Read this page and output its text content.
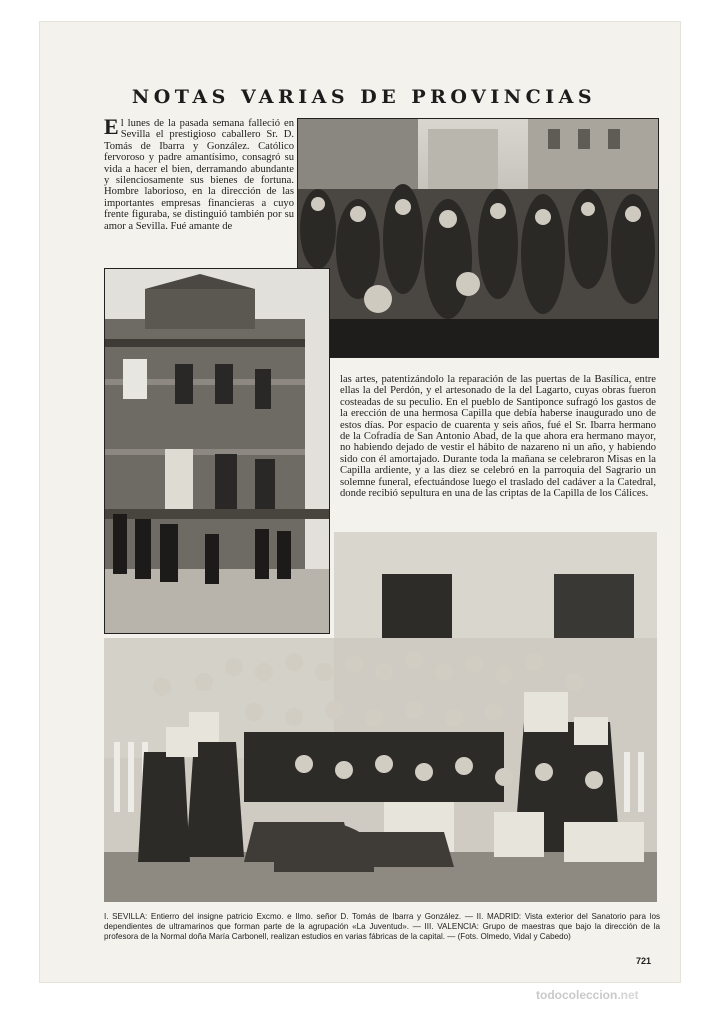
NOTAS VARIAS DE PROVINCIAS
El lunes de la pasada semana falleció en Sevilla el prestigioso caballero Sr. D. Tomás de Ibarra y González. Católico fervoroso y padre amantísimo, consagró su vida a hacer el bien, derramando abundante y silenciosamente sus bienes de fortuna. Hombre laborioso, en la dirección de las importantes empresas financieras a cuyo frente figuraba, se distinguió también por su amor a Sevilla. Fué amante de
las artes, patentizándolo la reparación de las puertas de la Basílica, entre ellas la del Perdón, y el artesonado de la del Lagarto, cuyas obras fueron costeadas de su peculio. En el pueblo de Santiponce sufragó los gastos de la erección de una hermosa Capilla que debía haberse inaugurado uno de estos días. Por espacio de cuarenta y seis años, fué el Sr. Ibarra hermano de la Cofradía de San Antonio Abad, de la que ahora era hermano mayor, no habiendo dejado de vestir el hábito de nazareno ni un año, y habiendo sido con él amortajado. Durante toda la mañana se celebraron Misas en la Capilla ardiente, y a las diez se celebró en la parroquia del Sagrario un solemne funeral, efectuándose luego el traslado del cadáver a la Catedral, donde recibió sepultura en una de las criptas de la Capilla de los Cálices.
I. SEVILLA: Entierro del insigne patricio Excmo. e Ilmo. señor D. Tomás de Ibarra y González. — II. MADRID: Vista exterior del Sanatorio para los dependientes de ultramarinos que forman parte de la agrupación «La Juventud». — III. VALENCIA: Grupo de maestras que bajo la dirección de la profesora de la Normal doña María Carbonell, realizan estudios en varias fábricas de la capital. — (Fots. Olmedo, Vidal y Cabedo)
721
todocoleccion.net
